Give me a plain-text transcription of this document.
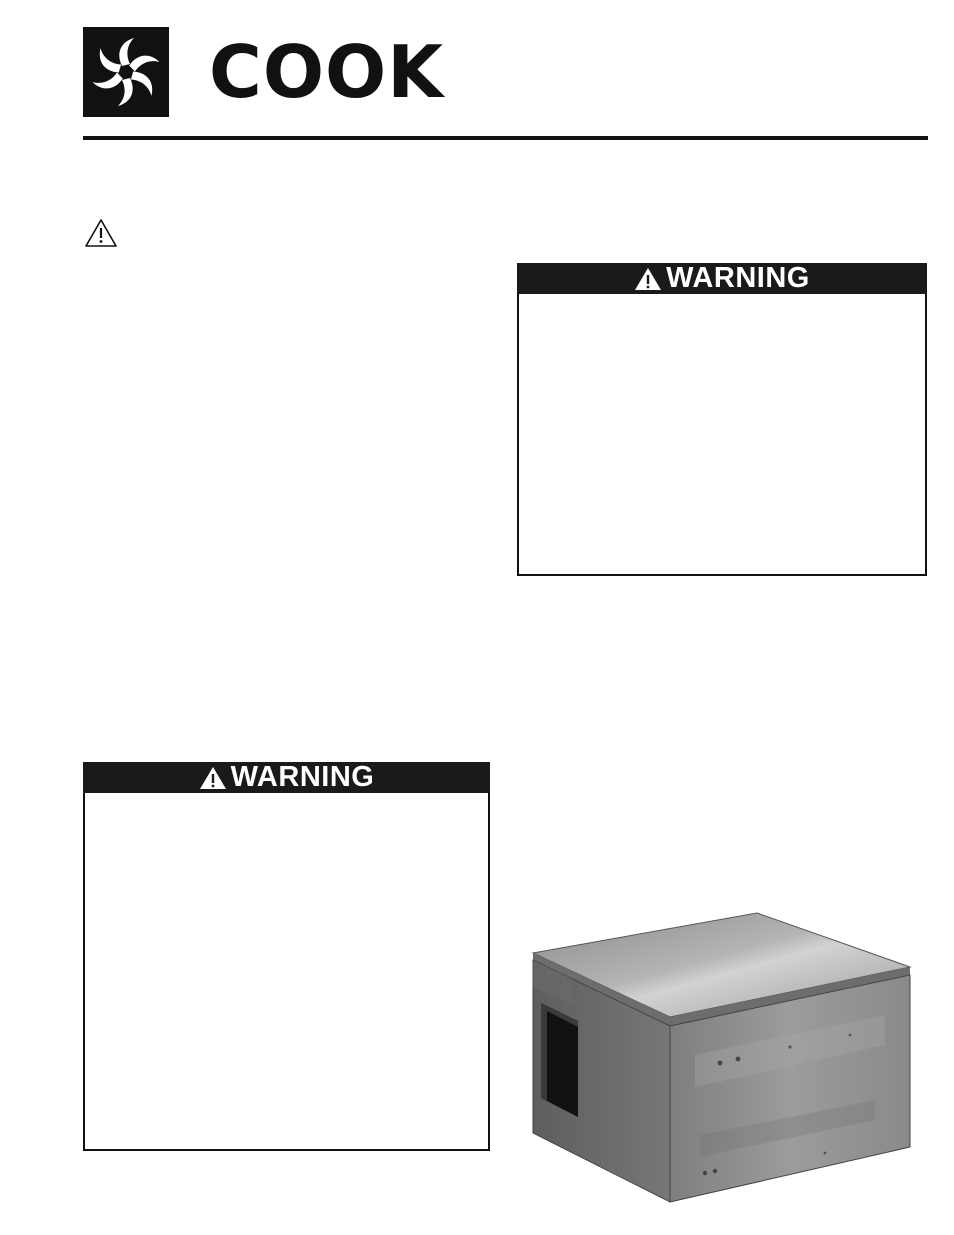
COOK
WARNING
WARNING
